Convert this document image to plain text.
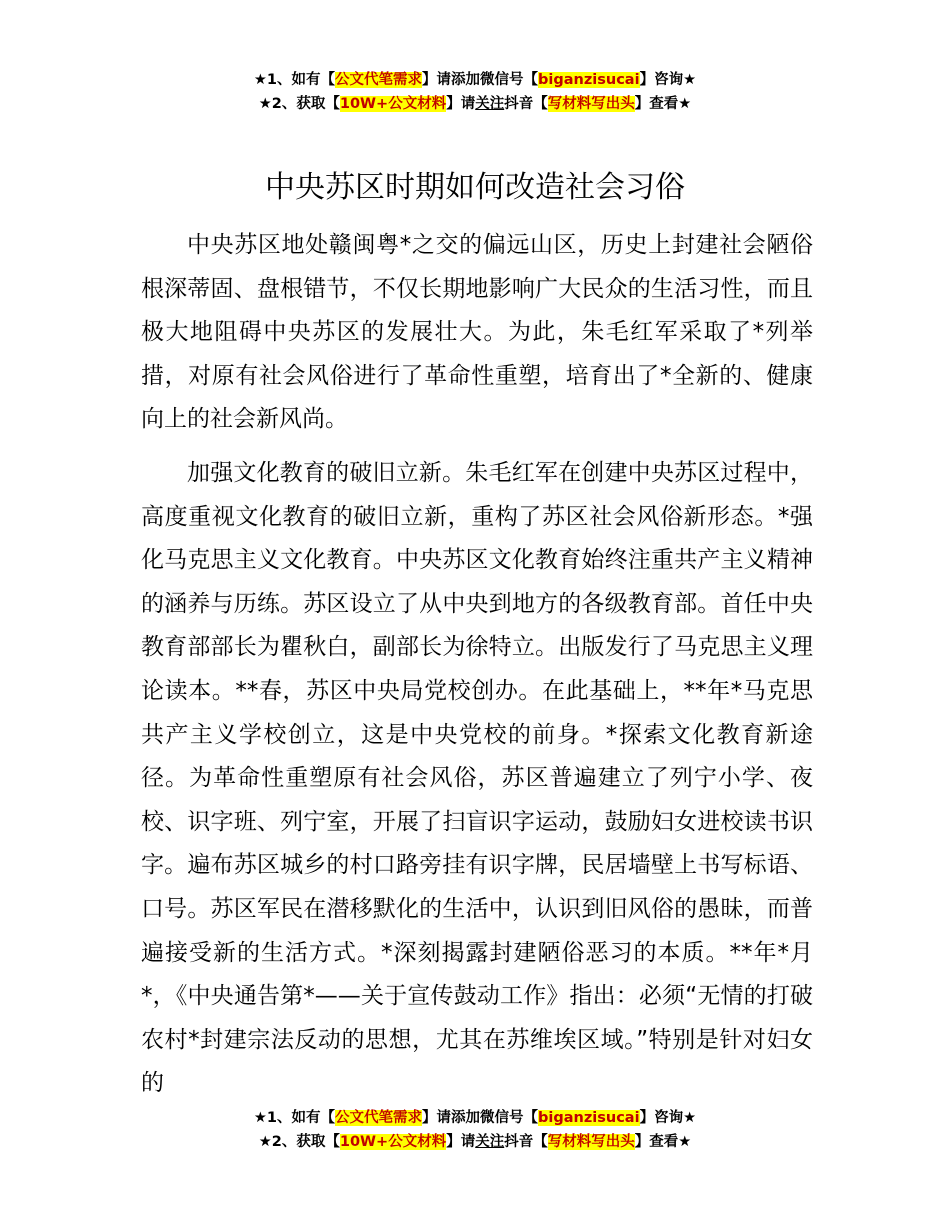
★1、如有【公文代笔需求】请添加微信号【biganzisucai】咨询★
★2、获取【10W+公文材料】请关注抖音【写材料写出头】查看★
中央苏区时期如何改造社会习俗

中央苏区地处赣闽粤*之交的偏远山区，历史上封建社会陋俗根深蒂固、盘根错节，不仅长期地影响广大民众的生活习性，而且极大地阻碍中央苏区的发展壮大。为此，朱毛红军采取了*列举措，对原有社会风俗进行了革命性重塑，培育出了*全新的、健康向上的社会新风尚。

加强文化教育的破旧立新。朱毛红军在创建中央苏区过程中，高度重视文化教育的破旧立新，重构了苏区社会风俗新形态。*强化马克思主义文化教育。中央苏区文化教育始终注重共产主义精神的涵养与历练。苏区设立了从中央到地方的各级教育部。首任中央教育部部长为瞿秋白，副部长为徐特立。出版发行了马克思主义理论读本。**春，苏区中央局党校创办。在此基础上，**年*马克思共产主义学校创立，这是中央党校的前身。*探索文化教育新途径。为革命性重塑原有社会风俗，苏区普遍建立了列宁小学、夜校、识字班、列宁室，开展了扫盲识字运动，鼓励妇女进校读书识字。遍布苏区城乡的村口路旁挂有识字牌，民居墙壁上书写标语、口号。苏区军民在潜移默化的生活中，认识到旧风俗的愚昧，而普遍接受新的生活方式。*深刻揭露封建陋俗恶习的本质。**年*月*，《中央通告第*——关于宣传鼓动工作》指出：必须“无情的打破农村*封建宗法反动的思想，尤其在苏维埃区域。”特别是针对妇女的

★1、如有【公文代笔需求】请添加微信号【biganzisucai】咨询★
★2、获取【10W+公文材料】请关注抖音【写材料写出头】查看★
